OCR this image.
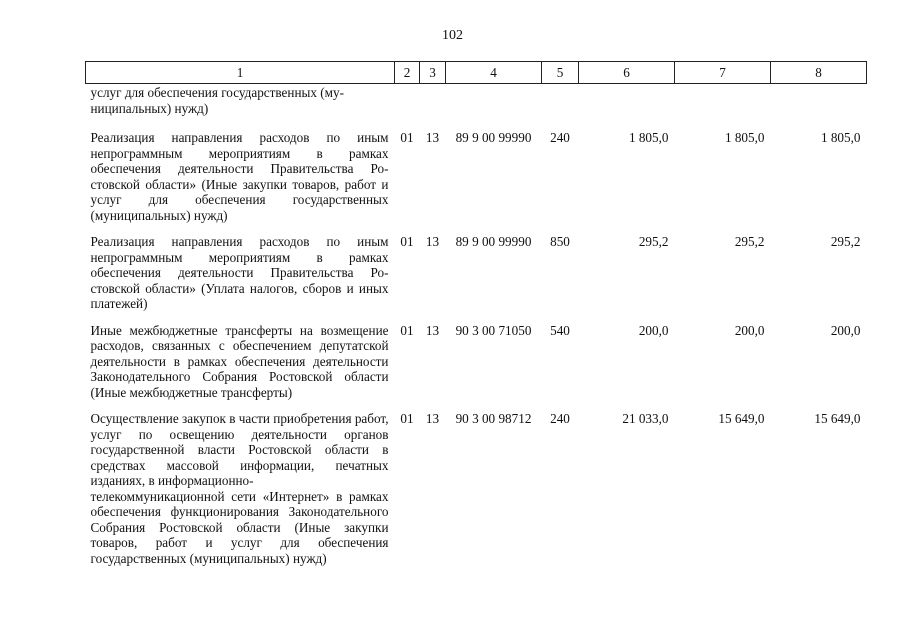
102
1	2	3	4	5	6	7	8
услуг для обеспечения государственных (му-
ниципальных) нужд)							
Реализация направления расходов по иным непрограммным мероприятиям в рамках обеспечения деятельности Правительства Ростовской области» (Иные закупки товаров, работ и услуг для обеспечения государственных (муниципальных) нужд)	01	13	89 9 00 99990	240	1 805,0	1 805,0	1 805,0
Реализация направления расходов по иным непрограммным мероприятиям в рамках обеспечения деятельности Правительства Ростовской области» (Уплата налогов, сборов и иных платежей)	01	13	89 9 00 99990	850	295,2	295,2	295,2
Иные межбюджетные трансферты на возмещение расходов, связанных с обеспечением депутатской деятельности в рамках обеспечения деятельности Законодательного Собрания Ростовской области (Иные межбюджетные трансферты)	01	13	90 3 00 71050	540	200,0	200,0	200,0
Осуществление закупок в части приобретения работ, услуг по освещению деятельности органов государственной власти Ростовской области в средствах массовой информации, печатных изданиях, в информационно-
телекоммуникационной сети «Интернет» в рамках обеспечения функционирования Законодательного Собрания Ростовской области (Иные закупки товаров, работ и услуг для обеспечения государственных (муниципальных) нужд)	01	13	90 3 00 98712	240	21 033,0	15 649,0	15 649,0
